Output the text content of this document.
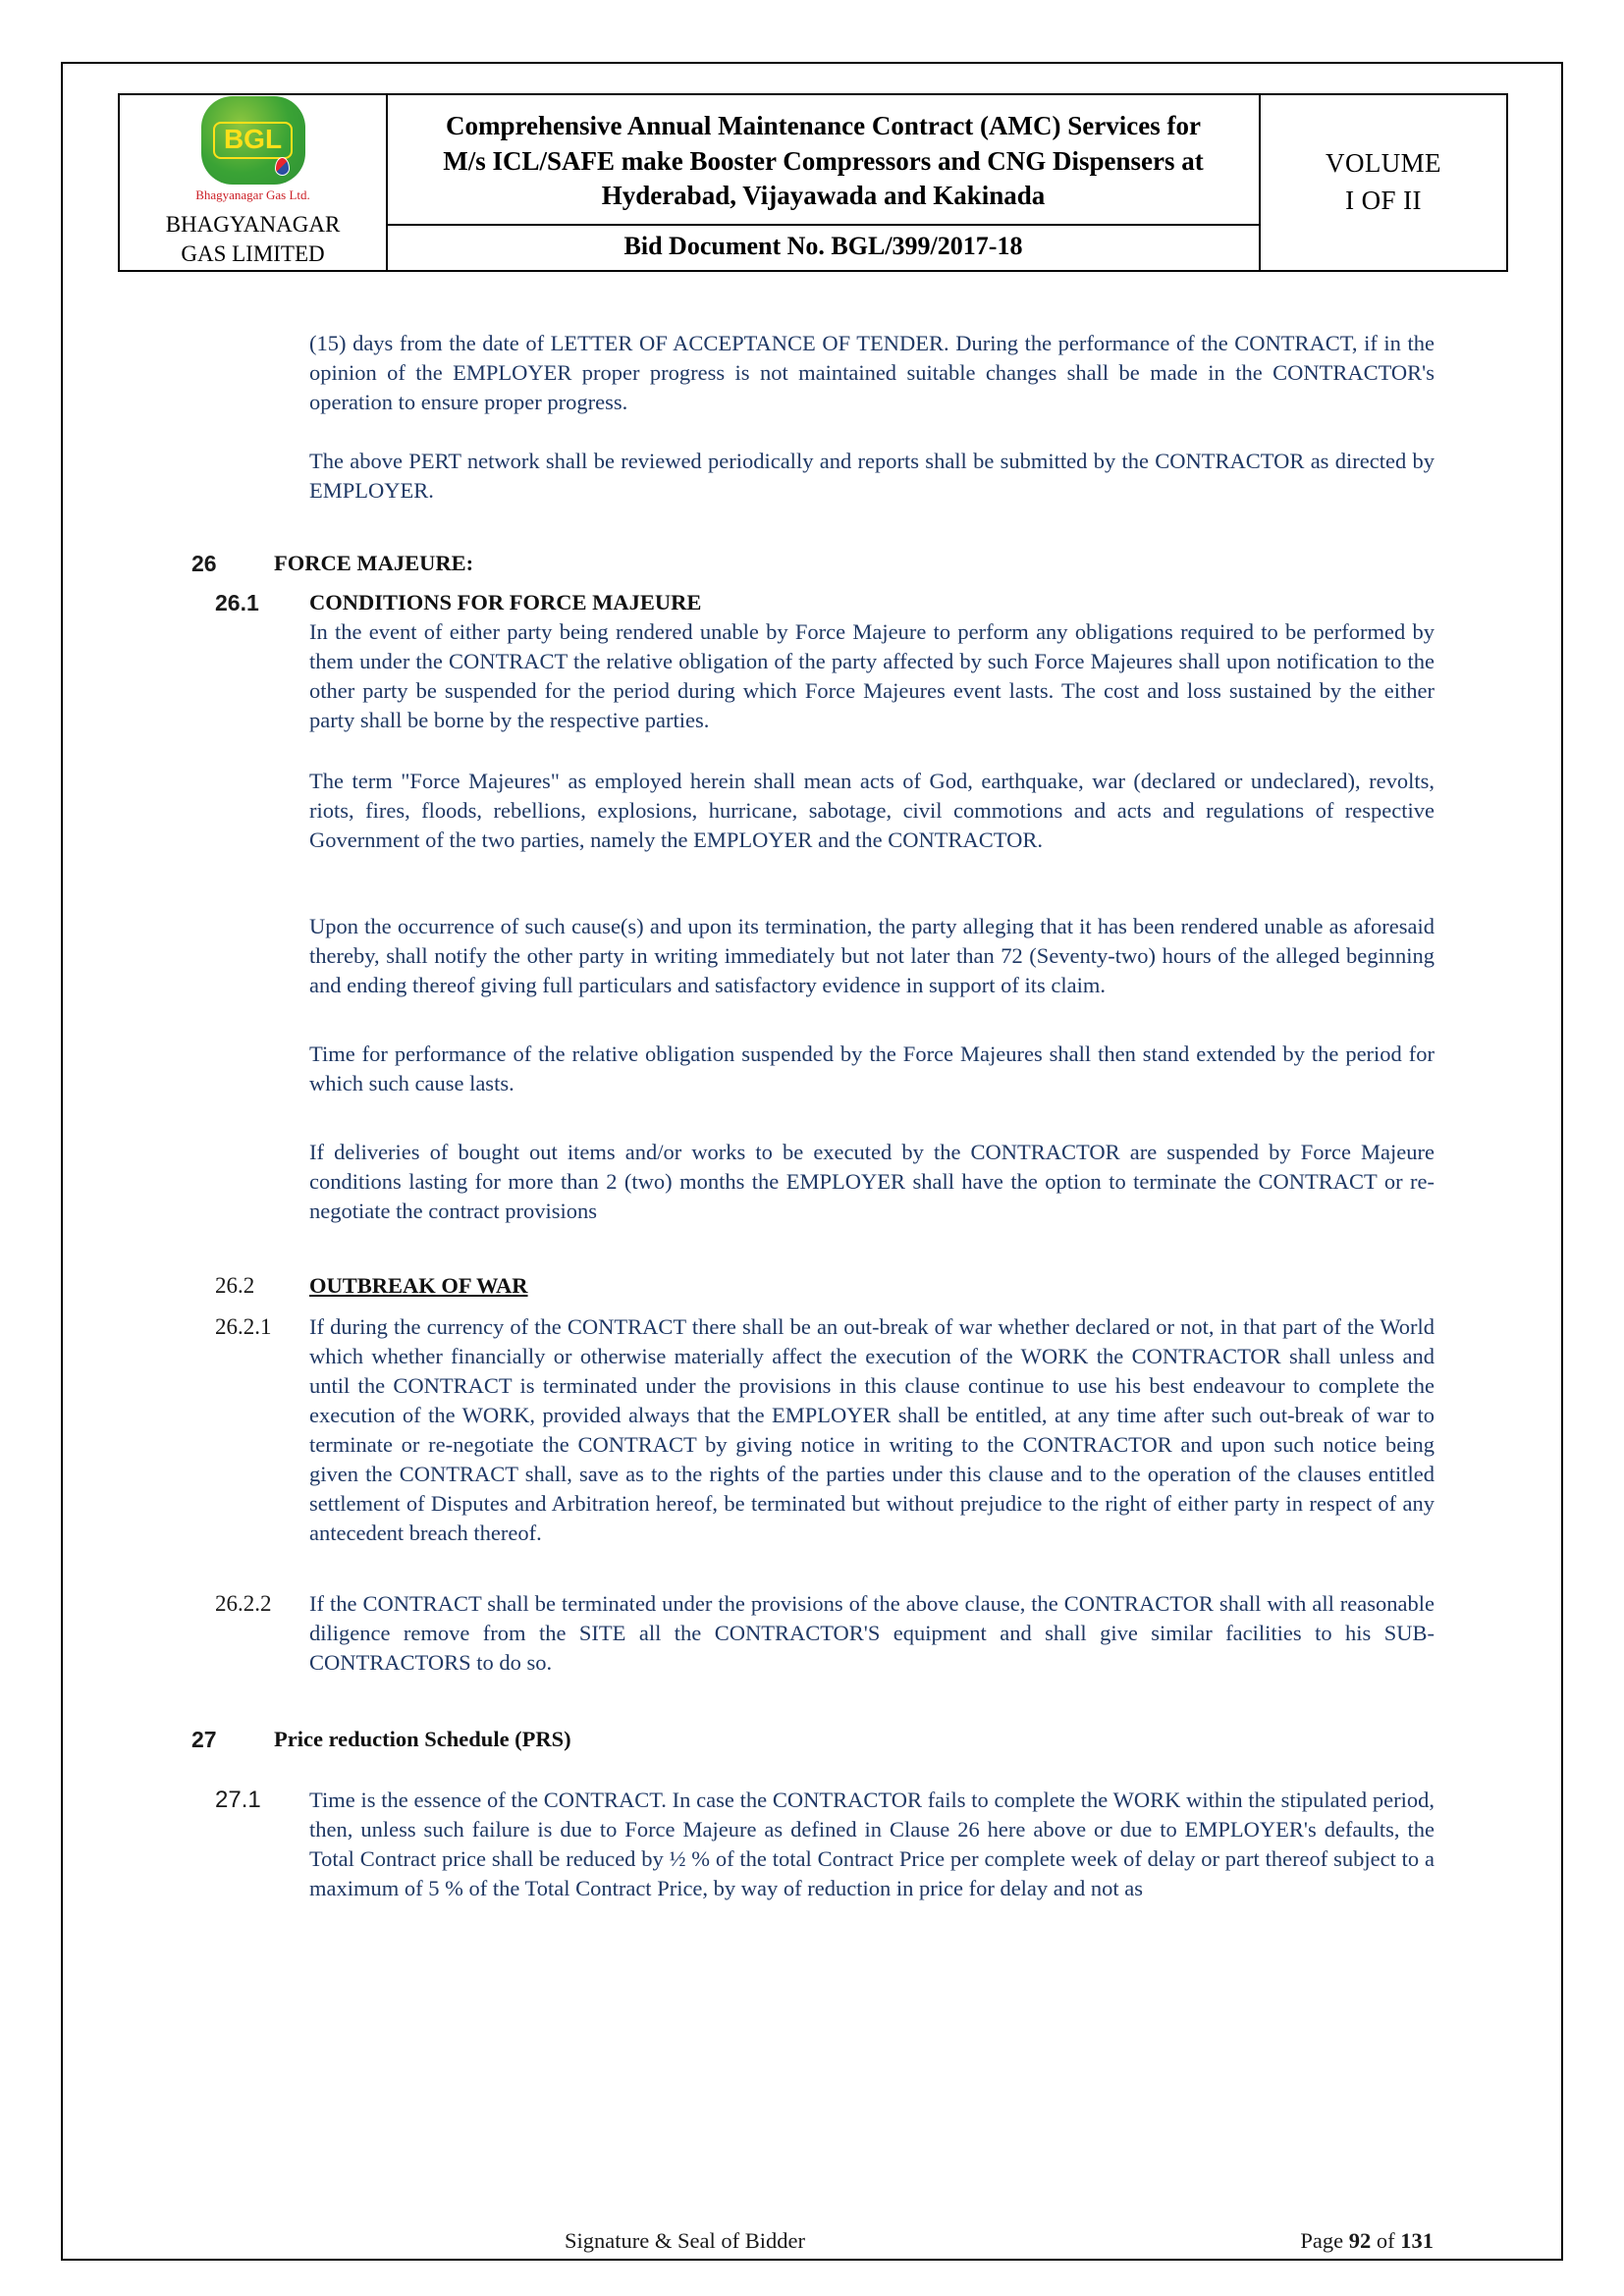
BGL
Bhagyanagar Gas Ltd.
BHAGYANAGAR
GAS LIMITED

Comprehensive Annual Maintenance Contract (AMC) Services for M/s ICL/SAFE make Booster Compressors and CNG Dispensers at Hyderabad, Vijayawada and Kakinada
Bid Document No. BGL/399/2017-18

VOLUME
I OF II

(15) days from the date of LETTER OF ACCEPTANCE OF TENDER. During the performance of the CONTRACT, if in the opinion of the EMPLOYER proper progress is not maintained suitable changes shall be made in the CONTRACTOR's operation to ensure proper progress.

The above PERT network shall be reviewed periodically and reports shall be submitted by the CONTRACTOR as directed by EMPLOYER.

26	FORCE MAJEURE:
26.1	CONDITIONS FOR FORCE MAJEURE

In the event of either party being rendered unable by Force Majeure to perform any obligations required to be performed by them under the CONTRACT the relative obligation of the party affected by such Force Majeures shall upon notification to the other party be suspended for the period during which Force Majeures event lasts. The cost and loss sustained by the either party shall be borne by the respective parties.

The term "Force Majeures" as employed herein shall mean acts of God, earthquake, war (declared or undeclared), revolts, riots, fires, floods, rebellions, explosions, hurricane, sabotage, civil commotions and acts and regulations of respective Government of the two parties, namely the EMPLOYER and the CONTRACTOR.

Upon the occurrence of such cause(s) and upon its termination, the party alleging that it has been rendered unable as aforesaid thereby, shall notify the other party in writing immediately but not later than 72 (Seventy-two) hours of the alleged beginning and ending thereof giving full particulars and satisfactory evidence in support of its claim.

Time for performance of the relative obligation suspended by the Force Majeures shall then stand extended by the period for which such cause lasts.

If deliveries of bought out items and/or works to be executed by the CONTRACTOR are suspended by Force Majeure conditions lasting for more than 2 (two) months the EMPLOYER shall have the option to terminate the CONTRACT or re-negotiate the contract provisions

26.2	OUTBREAK OF WAR
26.2.1	If during the currency of the CONTRACT there shall be an out-break of war whether declared or not, in that part of the World which whether financially or otherwise materially affect the execution of the WORK the CONTRACTOR shall unless and until the CONTRACT is terminated under the provisions in this clause continue to use his best endeavour to complete the execution of the WORK, provided always that the EMPLOYER shall be entitled, at any time after such out-break of war to terminate or re-negotiate the CONTRACT by giving notice in writing to the CONTRACTOR and upon such notice being given the CONTRACT shall, save as to the rights of the parties under this clause and to the operation of the clauses entitled settlement of Disputes and Arbitration hereof, be terminated but without prejudice to the right of either party in respect of any antecedent breach thereof.

26.2.2	If the CONTRACT shall be terminated under the provisions of the above clause, the CONTRACTOR shall with all reasonable diligence remove from the SITE all the CONTRACTOR'S equipment and shall give similar facilities to his SUB-CONTRACTORS to do so.

27	Price reduction Schedule (PRS)
27.1	Time is the essence of the CONTRACT. In case the CONTRACTOR fails to complete the WORK within the stipulated period, then, unless such failure is due to Force Majeure as defined in Clause 26 here above or due to EMPLOYER's defaults, the Total Contract price shall be reduced by ½ % of the total Contract Price per complete week of delay or part thereof subject to a maximum of 5 % of the Total Contract Price, by way of reduction in price for delay and not as

Signature & Seal of Bidder	Page 92 of 131
